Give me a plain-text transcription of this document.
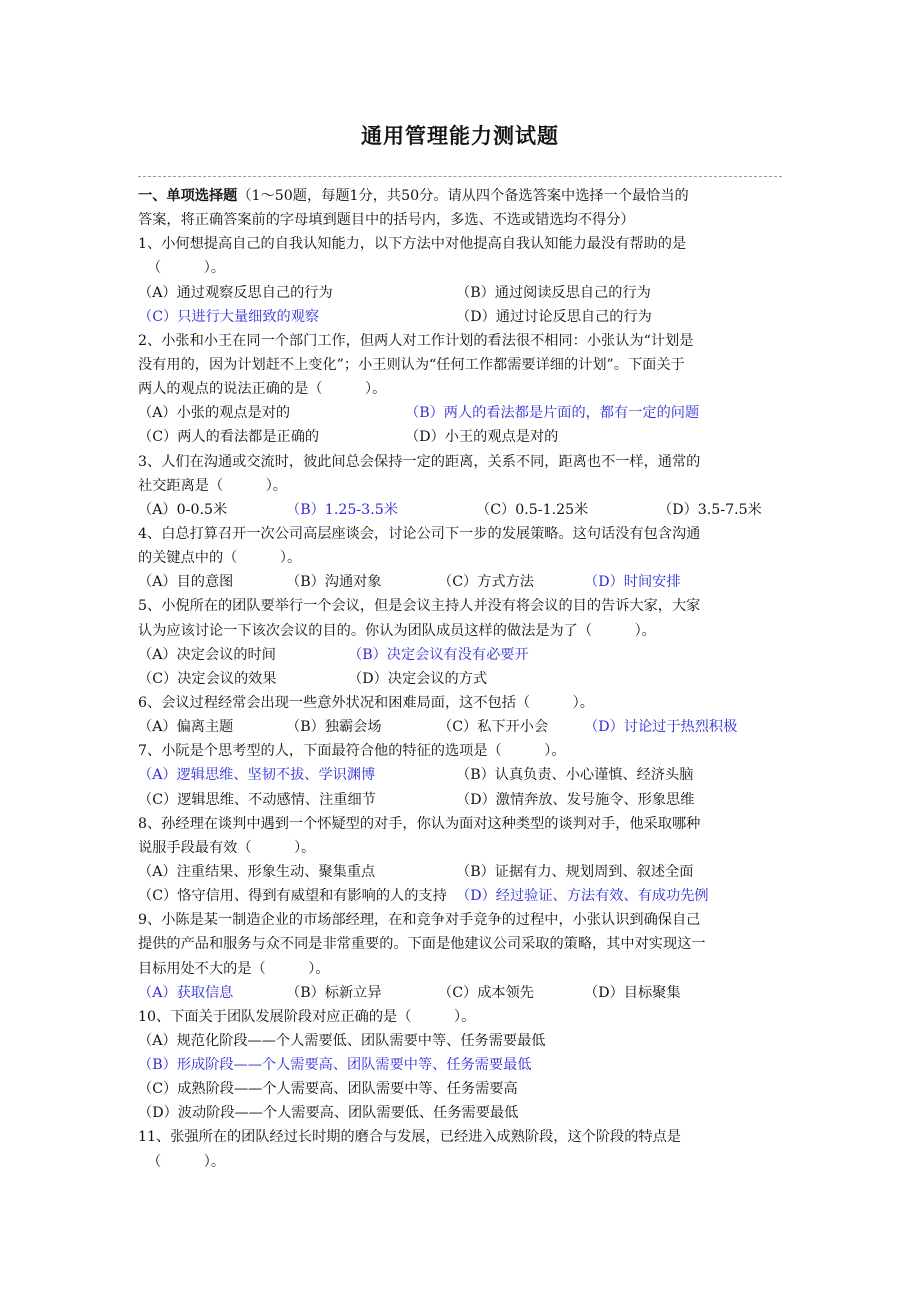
通用管理能力测试题
一、单项选择题（1～50题，每题1分，共50分。请从四个备选答案中选择一个最恰当的
答案，将正确答案前的字母填到题目中的括号内，多选、不选或错选均不得分）
1、小何想提高自己的自我认知能力，以下方法中对他提高自我认知能力最没有帮助的是
（　　　）。
（A）通过观察反思自己的行为	（B）通过阅读反思自己的行为
（C）只进行大量细致的观察	（D）通过讨论反思自己的行为
2、小张和小王在同一个部门工作，但两人对工作计划的看法很不相同：小张认为“计划是
没有用的，因为计划赶不上变化”；小王则认为“任何工作都需要详细的计划”。下面关于
两人的观点的说法正确的是（　　　）。
（A）小张的观点是对的	（B）两人的看法都是片面的，都有一定的问题
（C）两人的看法都是正确的	（D）小王的观点是对的
3、人们在沟通或交流时，彼此间总会保持一定的距离，关系不同，距离也不一样，通常的
社交距离是（　　　）。
（A）0-0.5米	（B）1.25-3.5米	（C）0.5-1.25米	（D）3.5-7.5米
4、白总打算召开一次公司高层座谈会，讨论公司下一步的发展策略。这句话没有包含沟通
的关键点中的（　　　）。
（A）目的意图	（B）沟通对象	（C）方式方法	（D）时间安排
5、小倪所在的团队要举行一个会议，但是会议主持人并没有将会议的目的告诉大家，大家
认为应该讨论一下该次会议的目的。你认为团队成员这样的做法是为了（　　　）。
（A）决定会议的时间	（B）决定会议有没有必要开
（C）决定会议的效果	（D）决定会议的方式
6、会议过程经常会出现一些意外状况和困难局面，这不包括（　　　）。
（A）偏离主题	（B）独霸会场	（C）私下开小会	（D）讨论过于热烈积极
7、小阮是个思考型的人，下面最符合他的特征的选项是（　　　）。
（A）逻辑思维、坚韧不拔、学识渊博	（B）认真负责、小心谨慎、经济头脑
（C）逻辑思维、不动感情、注重细节	（D）激情奔放、发号施令、形象思维
8、孙经理在谈判中遇到一个怀疑型的对手，你认为面对这种类型的谈判对手，他采取哪种
说服手段最有效（　　　）。
（A）注重结果、形象生动、聚集重点	（B）证据有力、规划周到、叙述全面
（C）恪守信用、得到有威望和有影响的人的支持 （D）经过验证、方法有效、有成功先例
9、小陈是某一制造企业的市场部经理，在和竞争对手竞争的过程中，小张认识到确保自己
提供的产品和服务与众不同是非常重要的。下面是他建议公司采取的策略，其中对实现这一
目标用处不大的是（　　　）。
（A）获取信息	（B）标新立异	（C）成本领先	（D）目标聚集
10、下面关于团队发展阶段对应正确的是（　　　）。
（A）规范化阶段——个人需要低、团队需要中等、任务需要最低
（B）形成阶段——个人需要高、团队需要中等、任务需要最低
（C）成熟阶段——个人需要高、团队需要中等、任务需要高
（D）波动阶段——个人需要高、团队需要低、任务需要最低
11、张强所在的团队经过长时期的磨合与发展，已经进入成熟阶段，这个阶段的特点是
（　　　）。
